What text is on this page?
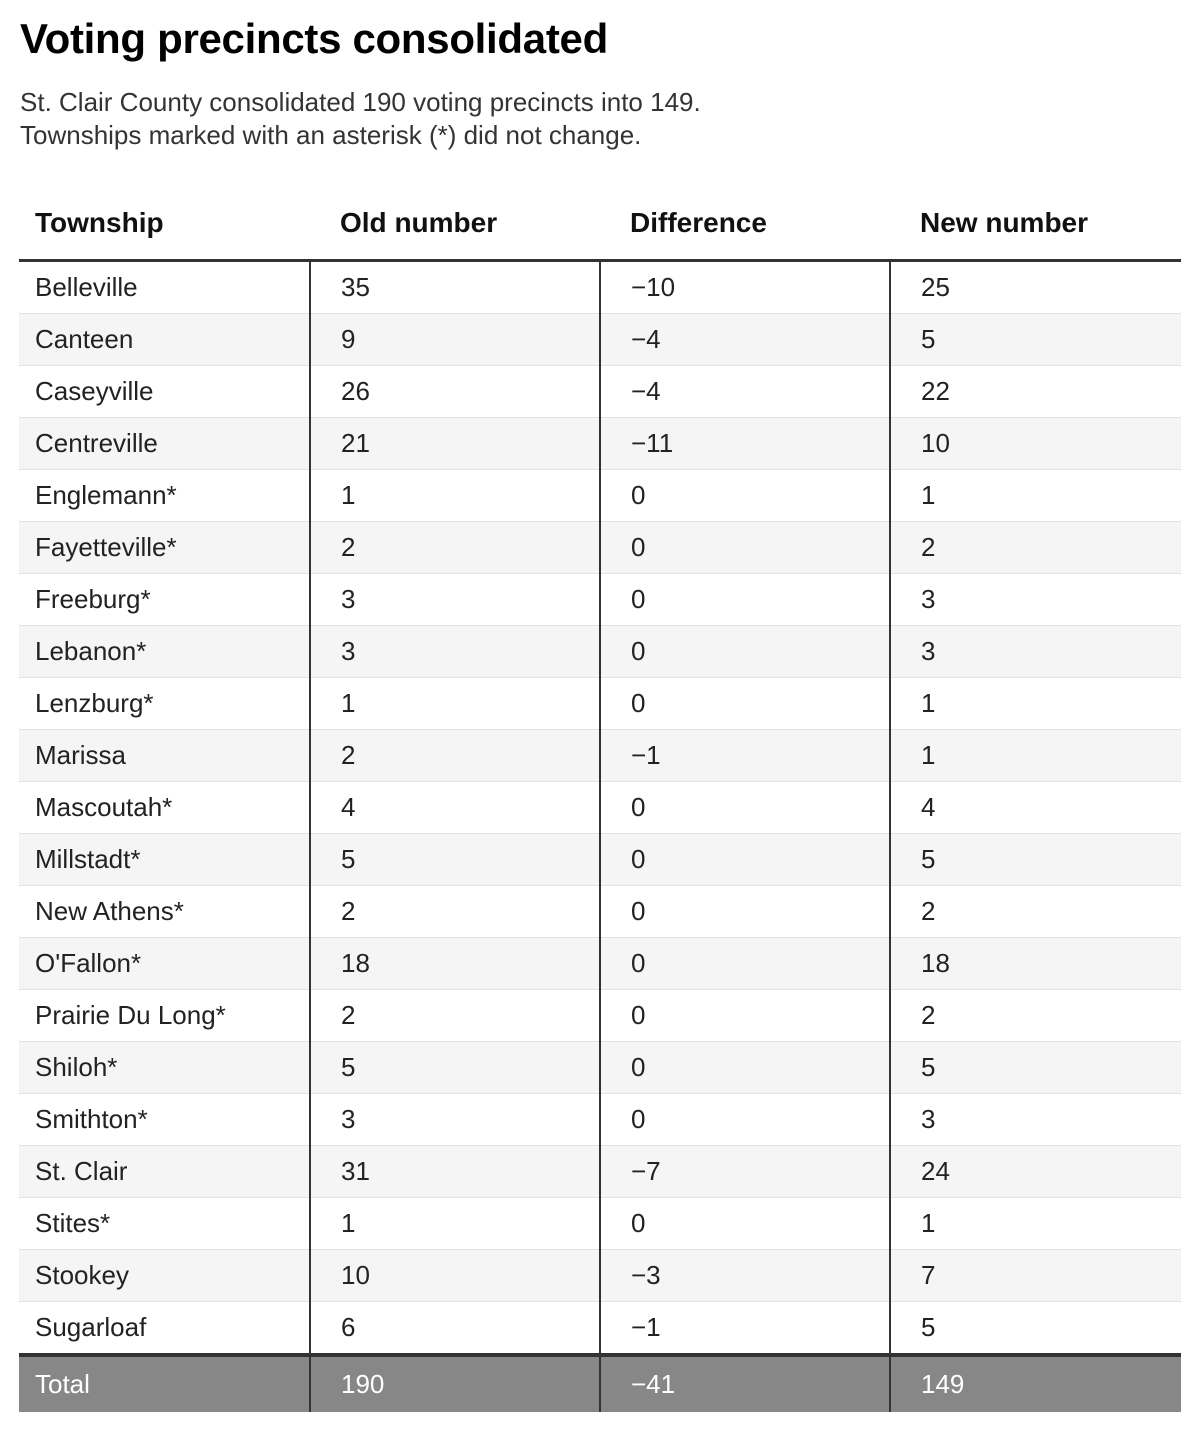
Voting precincts consolidated
St. Clair County consolidated 190 voting precincts into 149.
Townships marked with an asterisk (*) did not change.
Township	Old number	Difference	New number
Belleville	35	−10	25
Canteen	9	−4	5
Caseyville	26	−4	22
Centreville	21	−11	10
Englemann*	1	0	1
Fayetteville*	2	0	2
Freeburg*	3	0	3
Lebanon*	3	0	3
Lenzburg*	1	0	1
Marissa	2	−1	1
Mascoutah*	4	0	4
Millstadt*	5	0	5
New Athens*	2	0	2
O'Fallon*	18	0	18
Prairie Du Long*	2	0	2
Shiloh*	5	0	5
Smithton*	3	0	3
St. Clair	31	−7	24
Stites*	1	0	1
Stookey	10	−3	7
Sugarloaf	6	−1	5
Total	190	−41	149
